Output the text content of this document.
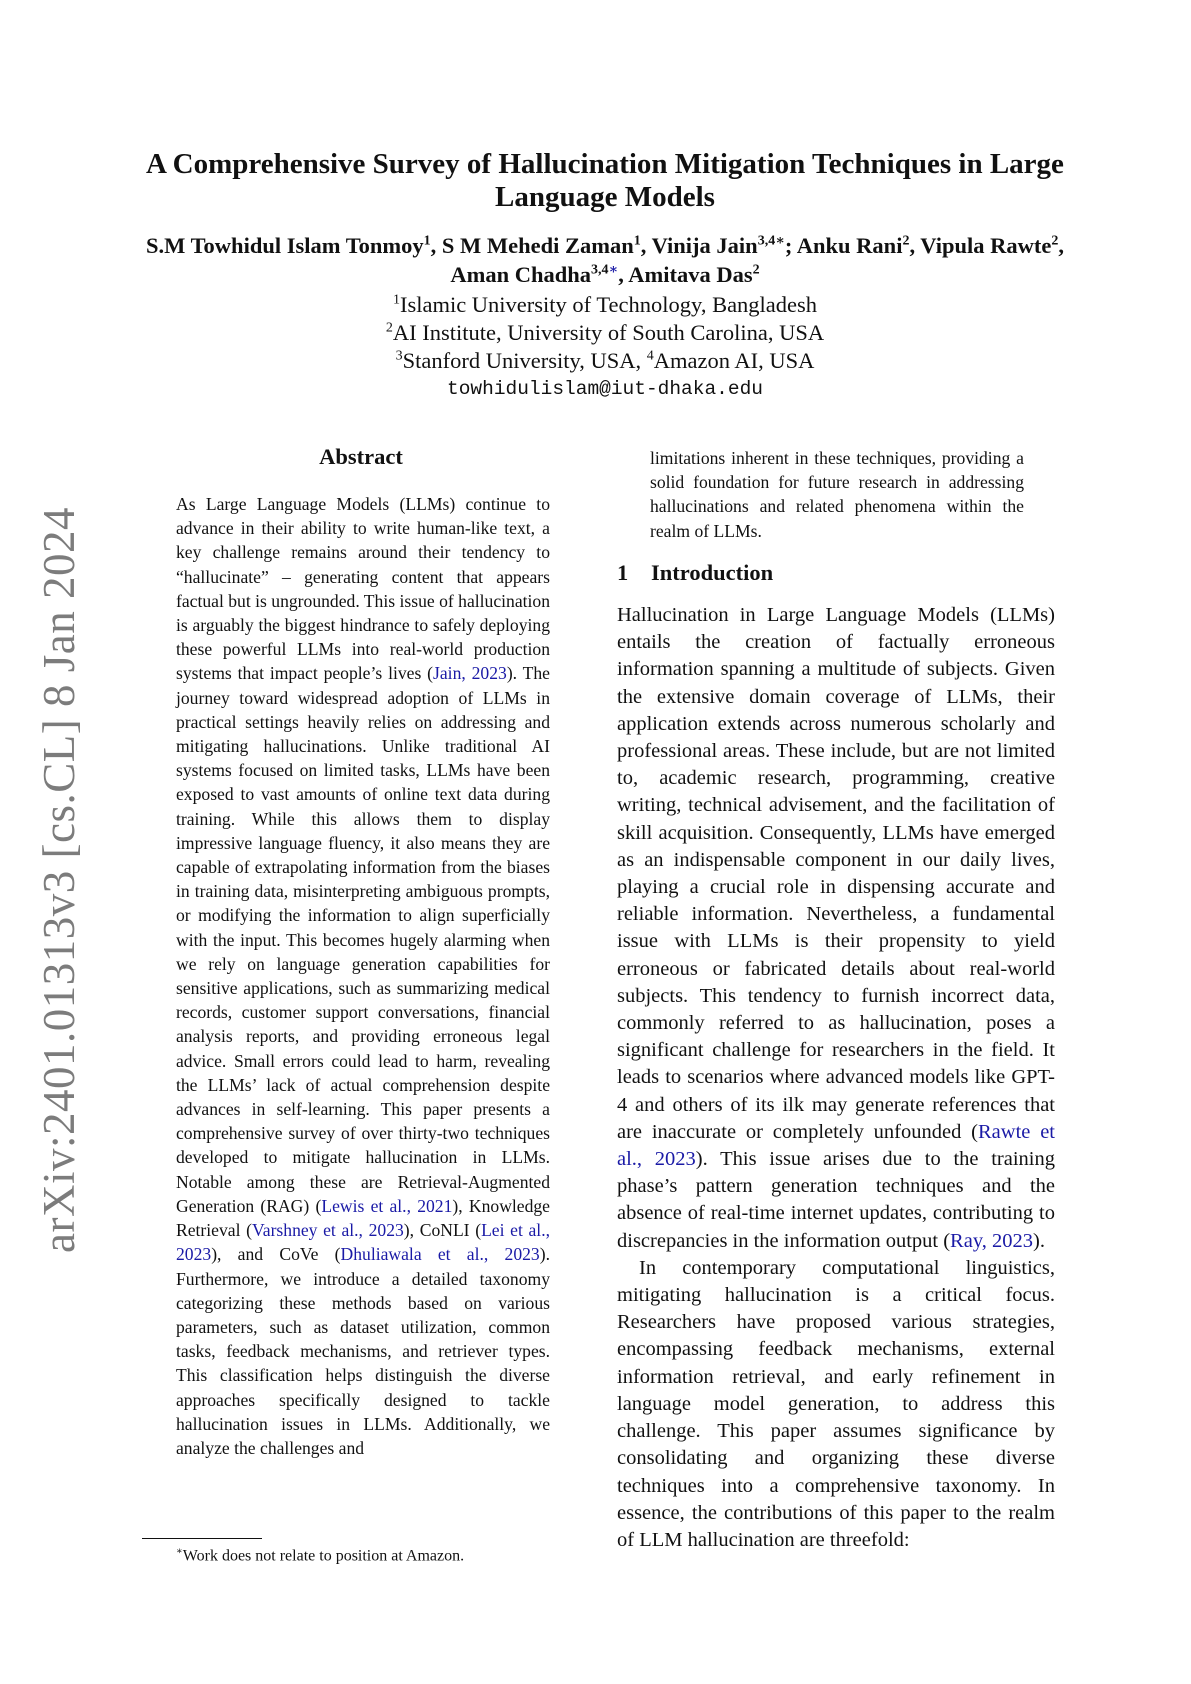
arXiv:2401.01313v3 [cs.CL] 8 Jan 2024
A Comprehensive Survey of Hallucination Mitigation Techniques in Large
Language Models
S.M Towhidul Islam Tonmoy$^1$, S M Mehedi Zaman$^1$, Vinija Jain$^{3,4∗}$; Anku Rani$^2$, Vipula Rawte$^2$,
Aman Chadha$^{3,4∗}$, Amitava Das$^2$
$^1$Islamic University of Technology, Bangladesh
$^2$AI Institute, University of South Carolina, USA
$^3$Stanford University, USA, $^4$Amazon AI, USA
towhidulislam@iut-dhaka.edu
Abstract
As Large Language Models (LLMs) continue to advance in their ability to write human-like text, a key challenge remains around their tendency to “hallucinate” – generating content that appears factual but is ungrounded. This issue of hallucination is arguably the biggest hindrance to safely deploying these powerful LLMs into real-world production systems that impact people’s lives (Jain, 2023). The journey toward widespread adoption of LLMs in practical settings heavily relies on addressing and mitigating hallucinations. Unlike traditional AI systems focused on limited tasks, LLMs have been exposed to vast amounts of online text data during training. While this allows them to display impressive language fluency, it also means they are capable of extrapolating information from the biases in training data, misinterpreting ambiguous prompts, or modifying the information to align superficially with the input. This becomes hugely alarming when we rely on language generation capabilities for sensitive applications, such as summarizing medical records, customer support conversations, financial analysis reports, and providing erroneous legal advice. Small errors could lead to harm, revealing the LLMs’ lack of actual comprehension despite advances in self-learning. This paper presents a comprehensive survey of over thirty-two techniques developed to mitigate hallucination in LLMs. Notable among these are Retrieval-Augmented Generation (RAG) (Lewis et al., 2021), Knowledge Retrieval (Varshney et al., 2023), CoNLI (Lei et al., 2023), and CoVe (Dhuliawala et al., 2023). Furthermore, we introduce a detailed taxonomy categorizing these methods based on various parameters, such as dataset utilization, common tasks, feedback mechanisms, and retriever types. This classification helps distinguish the diverse approaches specifically designed to tackle hallucination issues in LLMs. Additionally, we analyze the challenges and
limitations inherent in these techniques, providing a solid foundation for future research in addressing hallucinations and related phenomena within the realm of LLMs.
1 Introduction

Hallucination in Large Language Models (LLMs) entails the creation of factually erroneous information spanning a multitude of subjects. Given the extensive domain coverage of LLMs, their application extends across numerous scholarly and professional areas. These include, but are not limited to, academic research, programming, creative writing, technical advisement, and the facilitation of skill acquisition. Consequently, LLMs have emerged as an indispensable component in our daily lives, playing a crucial role in dispensing accurate and reliable information. Nevertheless, a fundamental issue with LLMs is their propensity to yield erroneous or fabricated details about real-world subjects. This tendency to furnish incorrect data, commonly referred to as hallucination, poses a significant challenge for researchers in the field. It leads to scenarios where advanced models like GPT-4 and others of its ilk may generate references that are inaccurate or completely unfounded (Rawte et al., 2023). This issue arises due to the training phase’s pattern generation techniques and the absence of real-time internet updates, contributing to discrepancies in the information output (Ray, 2023).

In contemporary computational linguistics, mitigating hallucination is a critical focus. Researchers have proposed various strategies, encompassing feedback mechanisms, external information retrieval, and early refinement in language model generation, to address this challenge. This paper assumes significance by consolidating and organizing these diverse techniques into a comprehensive taxonomy. In essence, the contributions of this paper to the realm of LLM hallucination are threefold:

∗Work does not relate to position at Amazon.
